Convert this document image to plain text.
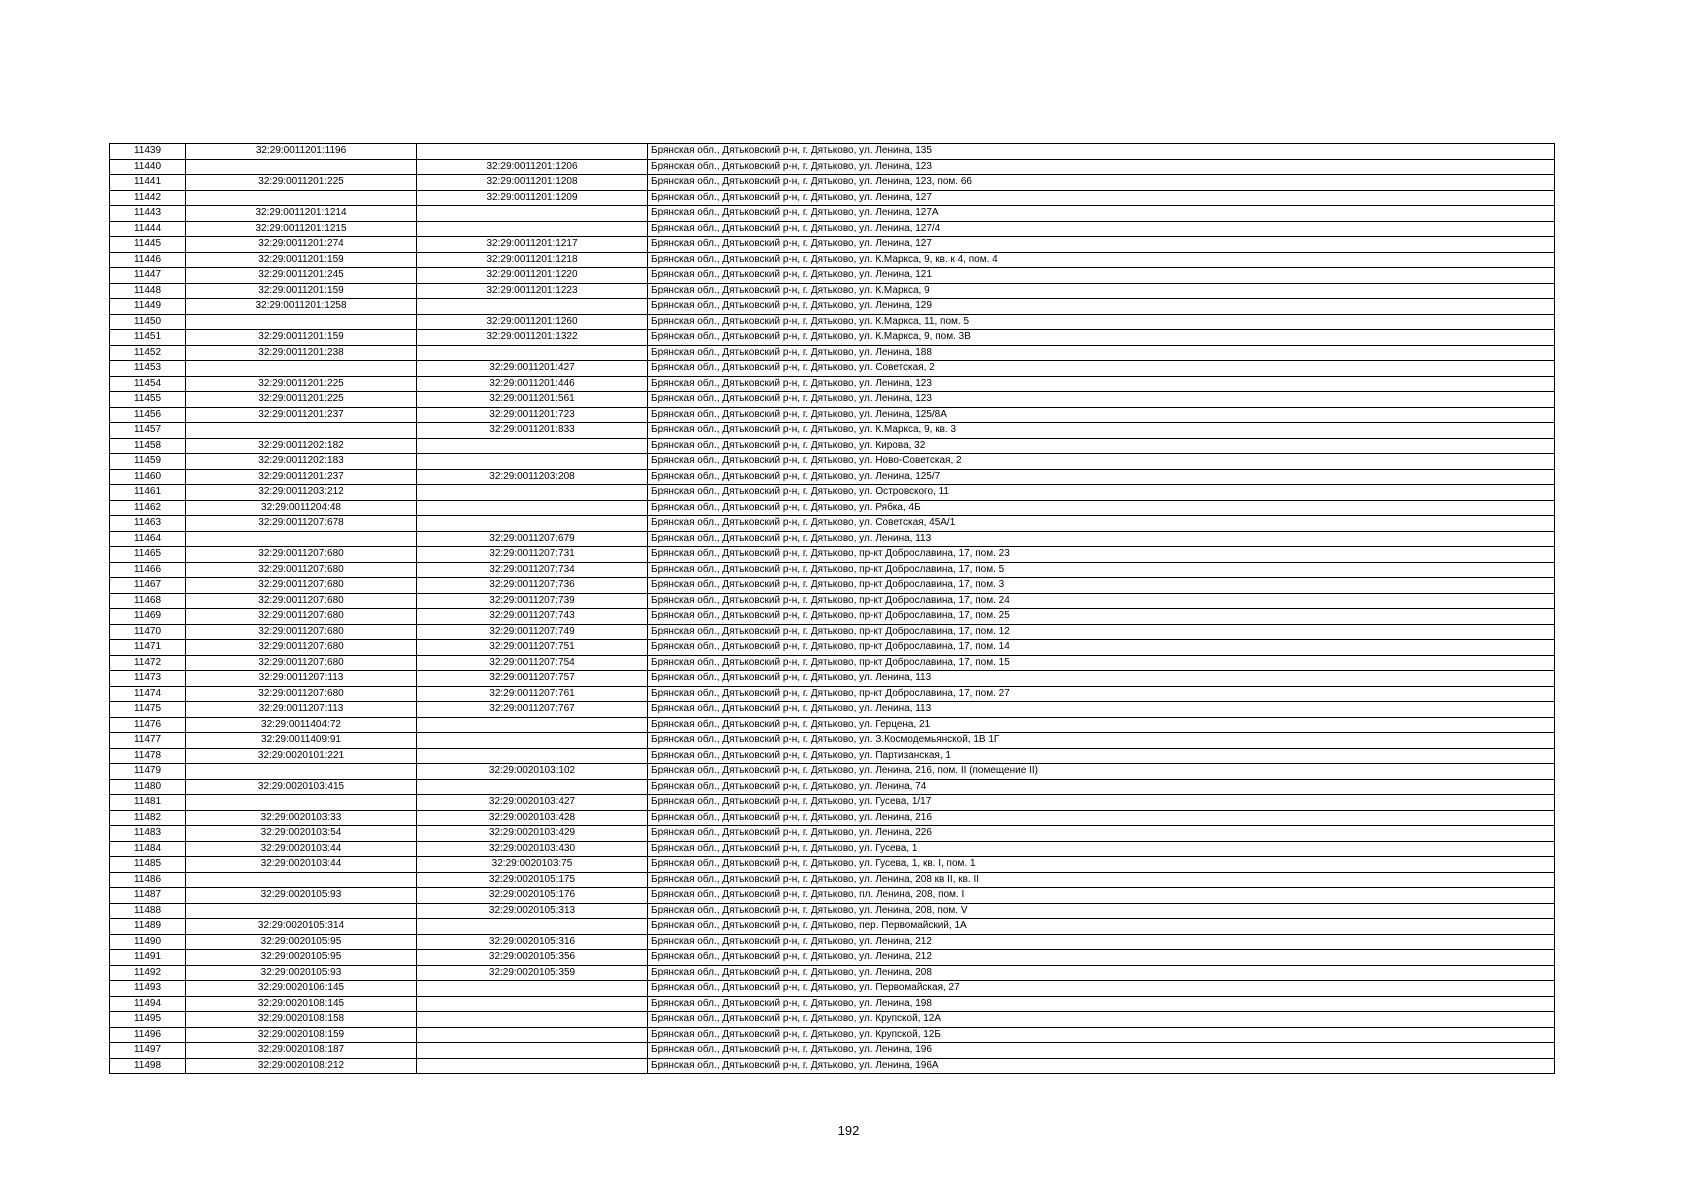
11439	32:29:0011201:1196		Брянская обл., Дятьковский р-н, г. Дятьково, ул. Ленина, 135
11440		32:29:0011201:1206	Брянская обл., Дятьковский р-н, г. Дятьково, ул. Ленина, 123
11441	32:29:0011201:225	32:29:0011201:1208	Брянская обл., Дятьковский р-н, г. Дятьково, ул. Ленина, 123, пом. 66
11442		32:29:0011201:1209	Брянская обл., Дятьковский р-н, г. Дятьково, ул. Ленина, 127
11443	32:29:0011201:1214		Брянская обл., Дятьковский р-н, г. Дятьково, ул. Ленина, 127А
11444	32:29:0011201:1215		Брянская обл., Дятьковский р-н, г. Дятьково, ул. Ленина, 127/4
11445	32:29:0011201:274	32:29:0011201:1217	Брянская обл., Дятьковский р-н, г. Дятьково, ул. Ленина, 127
11446	32:29:0011201:159	32:29:0011201:1218	Брянская обл., Дятьковский р-н, г. Дятьково, ул. К.Маркса, 9, кв. к 4, пом. 4
11447	32:29:0011201:245	32:29:0011201:1220	Брянская обл., Дятьковский р-н, г. Дятьково, ул. Ленина, 121
11448	32:29:0011201:159	32:29:0011201:1223	Брянская обл., Дятьковский р-н, г. Дятьково, ул. К.Маркса, 9
11449	32:29:0011201:1258		Брянская обл., Дятьковский р-н, г. Дятьково, ул. Ленина, 129
11450		32:29:0011201:1260	Брянская обл., Дятьковский р-н, г. Дятьково, ул. К.Маркса, 11, пом. 5
11451	32:29:0011201:159	32:29:0011201:1322	Брянская обл., Дятьковский р-н, г. Дятьково, ул. К.Маркса, 9, пом. 3В
11452	32:29:0011201:238		Брянская обл., Дятьковский р-н, г. Дятьково, ул. Ленина, 188
11453		32:29:0011201:427	Брянская обл., Дятьковский р-н, г. Дятьково, ул. Советская, 2
11454	32:29:0011201:225	32:29:0011201:446	Брянская обл., Дятьковский р-н, г. Дятьково, ул. Ленина, 123
11455	32:29:0011201:225	32:29:0011201:561	Брянская обл., Дятьковский р-н, г. Дятьково, ул. Ленина, 123
11456	32:29:0011201:237	32:29:0011201:723	Брянская обл., Дятьковский р-н, г. Дятьково, ул. Ленина, 125/8А
11457		32:29:0011201:833	Брянская обл., Дятьковский р-н, г. Дятьково, ул. К.Маркса, 9, кв. 3
11458	32:29:0011202:182		Брянская обл., Дятьковский р-н, г. Дятьково, ул. Кирова, 32
11459	32:29:0011202:183		Брянская обл., Дятьковский р-н, г. Дятьково, ул. Ново-Советская, 2
11460	32:29:0011201:237	32:29:0011203:208	Брянская обл., Дятьковский р-н, г. Дятьково, ул. Ленина, 125/7
11461	32:29:0011203:212		Брянская обл., Дятьковский р-н, г. Дятьково, ул. Островского, 11
11462	32:29:0011204:48		Брянская обл., Дятьковский р-н, г. Дятьково, ул. Рябка, 4Б
11463	32:29:0011207:678		Брянская обл., Дятьковский р-н, г. Дятьково, ул. Советская, 45А/1
11464		32:29:0011207:679	Брянская обл., Дятьковский р-н, г. Дятьково, ул. Ленина, 113
11465	32:29:0011207:680	32:29:0011207:731	Брянская обл., Дятьковский р-н, г. Дятьково, пр-кт Доброславина, 17, пом. 23
11466	32:29:0011207:680	32:29:0011207:734	Брянская обл., Дятьковский р-н, г. Дятьково, пр-кт Доброславина, 17, пом. 5
11467	32:29:0011207:680	32:29:0011207:736	Брянская обл., Дятьковский р-н, г. Дятьково, пр-кт Доброславина, 17, пом. 3
11468	32:29:0011207:680	32:29:0011207:739	Брянская обл., Дятьковский р-н, г. Дятьково, пр-кт Доброславина, 17, пом. 24
11469	32:29:0011207:680	32:29:0011207:743	Брянская обл., Дятьковский р-н, г. Дятьково, пр-кт Доброславина, 17, пом. 25
11470	32:29:0011207:680	32:29:0011207:749	Брянская обл., Дятьковский р-н, г. Дятьково, пр-кт Доброславина, 17, пом. 12
11471	32:29:0011207:680	32:29:0011207:751	Брянская обл., Дятьковский р-н, г. Дятьково, пр-кт Доброславина, 17, пом. 14
11472	32:29:0011207:680	32:29:0011207:754	Брянская обл., Дятьковский р-н, г. Дятьково, пр-кт Доброславина, 17, пом. 15
11473	32:29:0011207:113	32:29:0011207:757	Брянская обл., Дятьковский р-н, г. Дятьково, ул. Ленина, 113
11474	32:29:0011207:680	32:29:0011207:761	Брянская обл., Дятьковский р-н, г. Дятьково, пр-кт Доброславина, 17, пом. 27
11475	32:29:0011207:113	32:29:0011207:767	Брянская обл., Дятьковский р-н, г. Дятьково, ул. Ленина, 113
11476	32:29:0011404:72		Брянская обл., Дятьковский р-н, г. Дятьково, ул. Герцена, 21
11477	32:29:0011409:91		Брянская обл., Дятьковский р-н, г. Дятьково, ул. З.Космодемьянской, 1В 1Г
11478	32:29:0020101:221		Брянская обл., Дятьковский р-н, г. Дятьково, ул. Партизанская, 1
11479		32:29:0020103:102	Брянская обл., Дятьковский р-н, г. Дятьково, ул. Ленина, 216, пом. II (помещение II)
11480	32:29:0020103:415		Брянская обл., Дятьковский р-н, г. Дятьково, ул. Ленина, 74
11481		32:29:0020103:427	Брянская обл., Дятьковский р-н, г. Дятьково, ул. Гусева, 1/17
11482	32:29:0020103:33	32:29:0020103:428	Брянская обл., Дятьковский р-н, г. Дятьково, ул. Ленина, 216
11483	32:29:0020103:54	32:29:0020103:429	Брянская обл., Дятьковский р-н, г. Дятьково, ул. Ленина, 226
11484	32:29:0020103:44	32:29:0020103:430	Брянская обл., Дятьковский р-н, г. Дятьково, ул. Гусева, 1
11485	32:29:0020103:44	32:29:0020103:75	Брянская обл., Дятьковский р-н, г. Дятьково, ул. Гусева, 1, кв. I, пом. 1
11486		32:29:0020105:175	Брянская обл., Дятьковский р-н, г. Дятьково, ул. Ленина, 208 кв II, кв. II
11487	32:29:0020105:93	32:29:0020105:176	Брянская обл., Дятьковский р-н, г. Дятьково, пл. Ленина, 208, пом. I
11488		32:29:0020105:313	Брянская обл., Дятьковский р-н, г. Дятьково, ул. Ленина, 208, пом. V
11489	32:29:0020105:314		Брянская обл., Дятьковский р-н, г. Дятьково, пер. Первомайский, 1А
11490	32:29:0020105:95	32:29:0020105:316	Брянская обл., Дятьковский р-н, г. Дятьково, ул. Ленина, 212
11491	32:29:0020105:95	32:29:0020105:356	Брянская обл., Дятьковский р-н, г. Дятьково, ул. Ленина, 212
11492	32:29:0020105:93	32:29:0020105:359	Брянская обл., Дятьковский р-н, г. Дятьково, ул. Ленина, 208
11493	32:29:0020106:145		Брянская обл., Дятьковский р-н, г. Дятьково, ул. Первомайская, 27
11494	32:29:0020108:145		Брянская обл., Дятьковский р-н, г. Дятьково, ул. Ленина, 198
11495	32:29:0020108:158		Брянская обл., Дятьковский р-н, г. Дятьково, ул. Крупской, 12А
11496	32:29:0020108:159		Брянская обл., Дятьковский р-н, г. Дятьково, ул. Крупской, 12Б
11497	32:29:0020108:187		Брянская обл., Дятьковский р-н, г. Дятьково, ул. Ленина, 196
11498	32:29:0020108:212		Брянская обл., Дятьковский р-н, г. Дятьково, ул. Ленина, 196А
192
